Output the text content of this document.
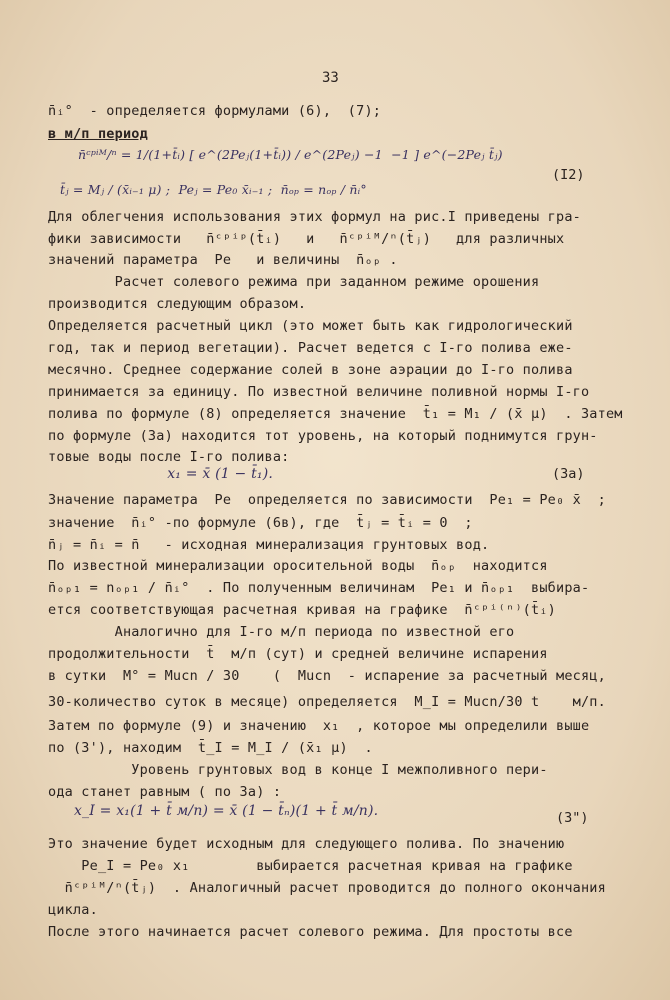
33
n̄ᵢ°  - определяется формулами (6),  (7);
в м/п период
n̄ᶜᵖⁱᴹ/ⁿ = 1/(1+t̄ᵢ) [ e^(2Peⱼ(1+t̄ᵢ)) / e^(2Peⱼ) −1  −1 ] e^(−2Peⱼ t̄ⱼ)
t̄ⱼ = Mⱼ / (x̄ᵢ₋₁ μ) ;  Peⱼ = Pe₀ x̄ᵢ₋₁ ;  n̄ₒₚ = nₒₚ / n̄ᵢ°
(I2)
Для облегчения использования этих формул на рис.I приведены гра-
фики зависимости   n̄ᶜᵖⁱᵖ(t̄ᵢ)   и   n̄ᶜᵖⁱᴹ/ⁿ(t̄ⱼ)   для различных
значений параметра  Pe   и величины  n̄ₒₚ .
Расчет солевого режима при заданном режиме орошения
производится следующим образом.
Определяется расчетный цикл (это может быть как гидрологический
год, так и период вегетации). Расчет ведется с I-го полива еже-
месячно. Среднее содержание солей в зоне аэрации до I-го полива
принимается за единицу. По известной величине поливной нормы I-го
полива по формуле (8) определяется значение  t̄₁ = M₁ / (x̄ μ)  . Затем
по формуле (3а) находится тот уровень, на который поднимутся грун-
товые воды после I-го полива:
x₁ = x̄ (1 − t̄₁).	(3а)
Значение параметра  Pe  определяется по зависимости  Pe₁ = Pe₀ x̄  ;
значение  n̄ᵢ° -по формуле (6в), где  t̄ⱼ = t̄ᵢ = 0  ;
n̄ⱼ = n̄ᵢ = n̄   - исходная минерализация грунтовых вод.
По известной минерализации оросительной воды  n̄ₒₚ  находится
n̄ₒₚ₁ = nₒₚ₁ / n̄ᵢ°  . По полученным величинам  Pe₁ и n̄ₒₚ₁  выбира-
ется соответствующая расчетная кривая на графике  n̄ᶜᵖⁱ⁽ⁿ⁾(t̄ᵢ)
Аналогично для I-го м/п периода по известной его
продолжительности  t̄  м/п (сут) и средней величине испарения
в сутки  M° = Mucn / 30    (  Mucn  - испарение за расчетный месяц,
30-количество суток в месяце) определяется  M_I = Mucn/30 t    м/п.
Затем по формуле (9) и значению  x₁  , которое мы определили выше
по (3'), находим  t̄_I = M_I / (x̄₁ μ)  .
Уровень грунтовых вод в конце I межполивного пери-
ода станет равным ( по 3а) :
x_I = x₁(1 + t̄ м/п) = x̄ (1 − t̄ₙ)(1 + t̄ м/п).	(3")
Это значение будет исходным для следующего полива. По значению
Pe_I = Pe₀ x₁        выбирается расчетная кривая на графике
n̄ᶜᵖⁱᴹ/ⁿ(t̄ⱼ)  . Аналогичный расчет проводится до полного окончания
цикла.
После этого начинается расчет солевого режима. Для простоты все
